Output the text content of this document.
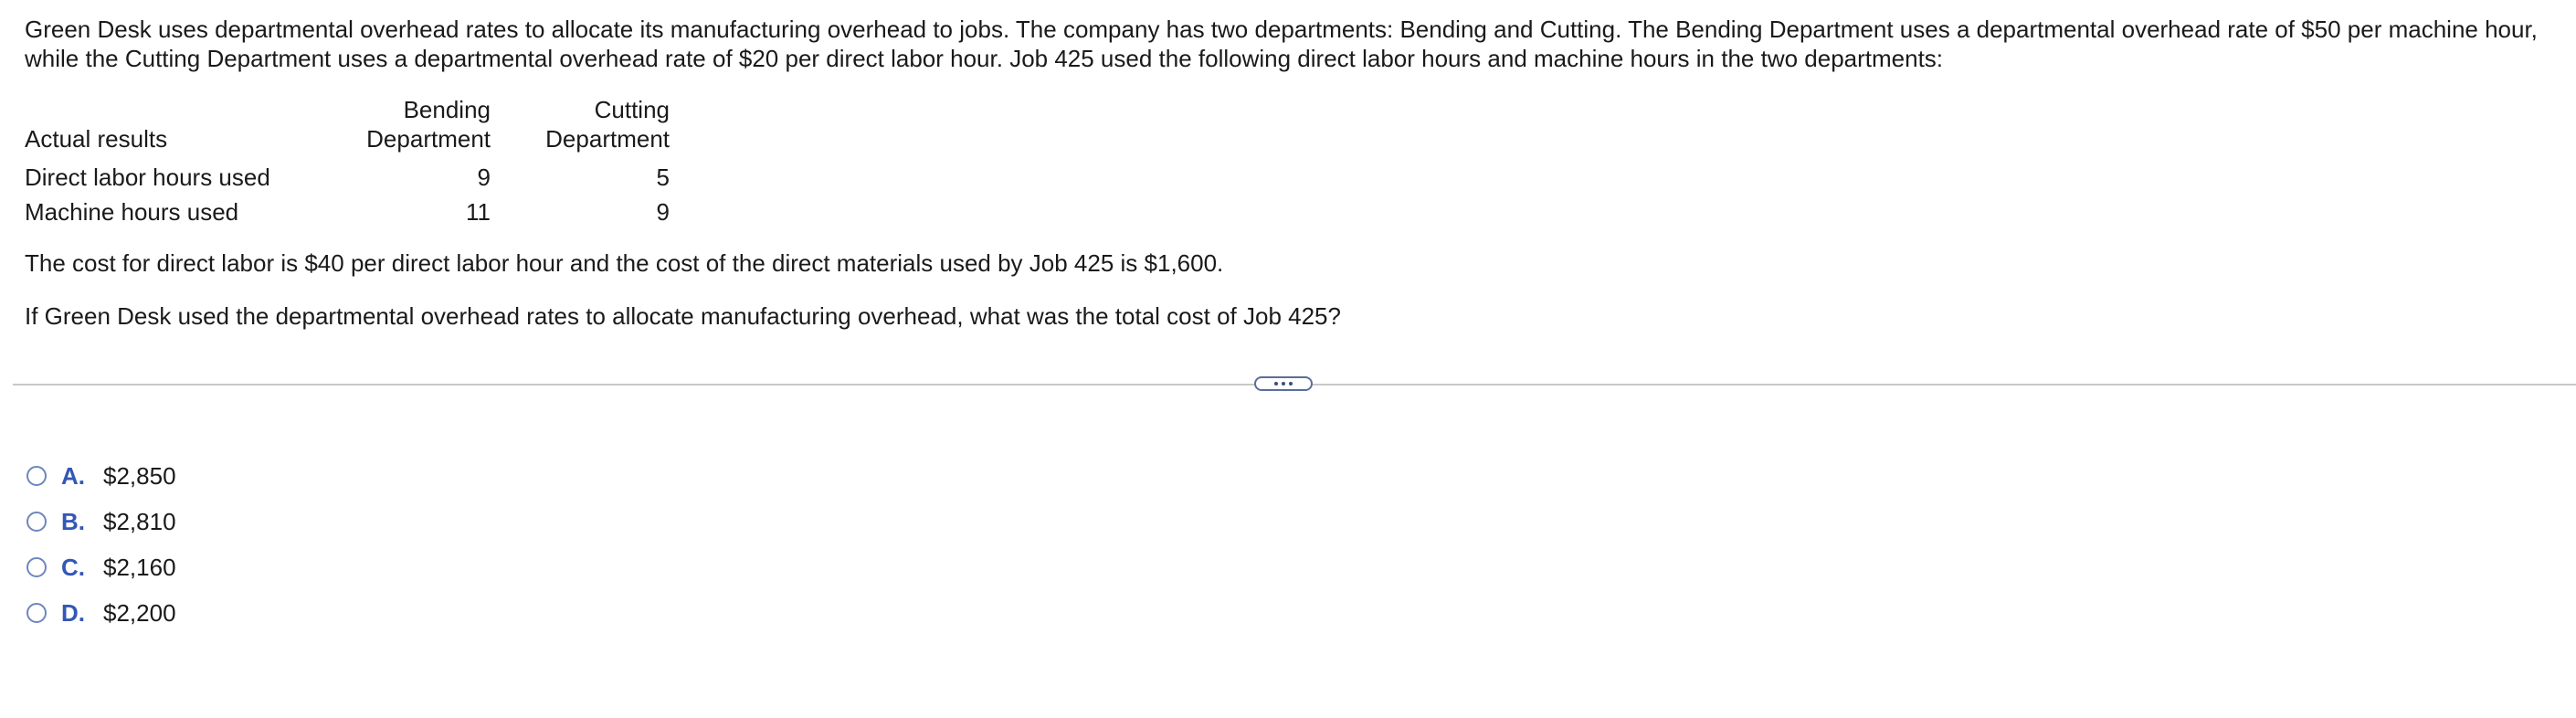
Green Desk uses departmental overhead rates to allocate its manufacturing overhead to jobs. The company has two departments: Bending and Cutting. The Bending Department uses a departmental overhead rate of $50 per machine hour, while the Cutting Department uses a departmental overhead rate of $20 per direct labor hour. Job 425 used the following direct labor hours and machine hours in the two departments:

	Bending	Cutting
Actual results	Department	Department
Direct labor hours used	9	5
Machine hours used	11	9

The cost for direct labor is $40 per direct labor hour and the cost of the direct materials used by Job 425 is $1,600.

If Green Desk used the departmental overhead rates to allocate manufacturing overhead, what was the total cost of Job 425?

A. $2,850
B. $2,810
C. $2,160
D. $2,200
